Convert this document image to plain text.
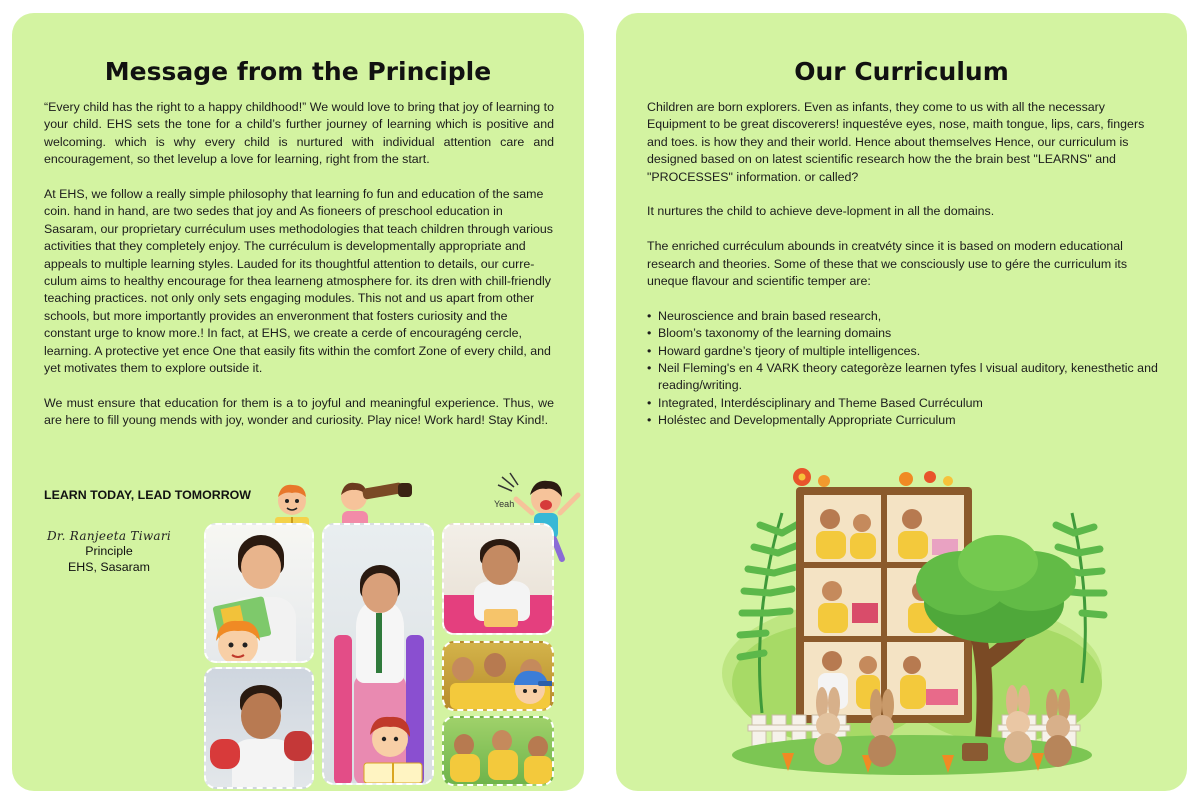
Message from the Principle

“Every child has the right to a happy childhood!” We would love to bring that joy of learning to your child. EHS sets the tone for a child’s further journey of learning which is positive and welcoming. which is why every child is nurtured with individual attention care and encouragement, so thet levelup a love for learning, right from the start.

At EHS, we follow a really simple philosophy that learning fo fun and education of the same coin. hand in hand, are two sedes that joy and As fioneers of preschool education in Sasaram, our proprietary curréculum uses methodologies that teach children through various activities that they completely enjoy. The curréculum is developmentally appropriate and appeals to multiple learning styles. Lauded for its thoughtful attention to details, our curre-culum aims to healthy encourage for thea learneng atmosphere for. its dren with chill-friendly teaching practices. not only only sets engaging modules. This not and us apart from other schools, but more importantly provides an enveronment that fosters curiosity and the constant urge to know more.! In fact, at EHS, we create a cerde of encouragéng cercle, learning. A protective yet ence One that easily fits within the comfort Zone of every child, and yet motivates them to explore outside it.

We must ensure that education for them is a to joyful and meaningful experience. Thus, we are here to fill young mends with joy, wonder and curiosity. Play nice! Work hard! Stay Kind!.

LEARN TODAY, LEAD TOMORROW
Dr. Ranjeeta Tiwari
Principle
EHS, Sasaram
Yeah
Our Curriculum

Children are born explorers. Even as infants, they come to us with all the necessary Equipment to be great discoverers! inquestéve eyes, nose, maith tongue, lips, cars, fingers and toes. is how they and their world. Hence about themselves Hence, our curriculum is designed based on on latest scientific research how the the brain best "LEARNS" and "PROCESSES" information. or called?

It nurtures the child to achieve deve-lopment in all the domains.

The enriched curréculum abounds in creatvéty since it is based on modern educational research and theories. Some of these that we consciously use to gére the curriculum its uneque flavour and scientific temper are:

• Neuroscience and brain based research,
• Bloom’s taxonomy of the learning domains
• Howard gardne’s tjeory of multiple intelligences.
• Neil Fleming's en 4 VARK theory categorèze learnen tyfes l visual auditory, kenesthetic and reading/writing.
• Integrated, Interdésciplinary and Theme Based Curréculum
• Holéstec and Developmentally Appropriate Curriculum
